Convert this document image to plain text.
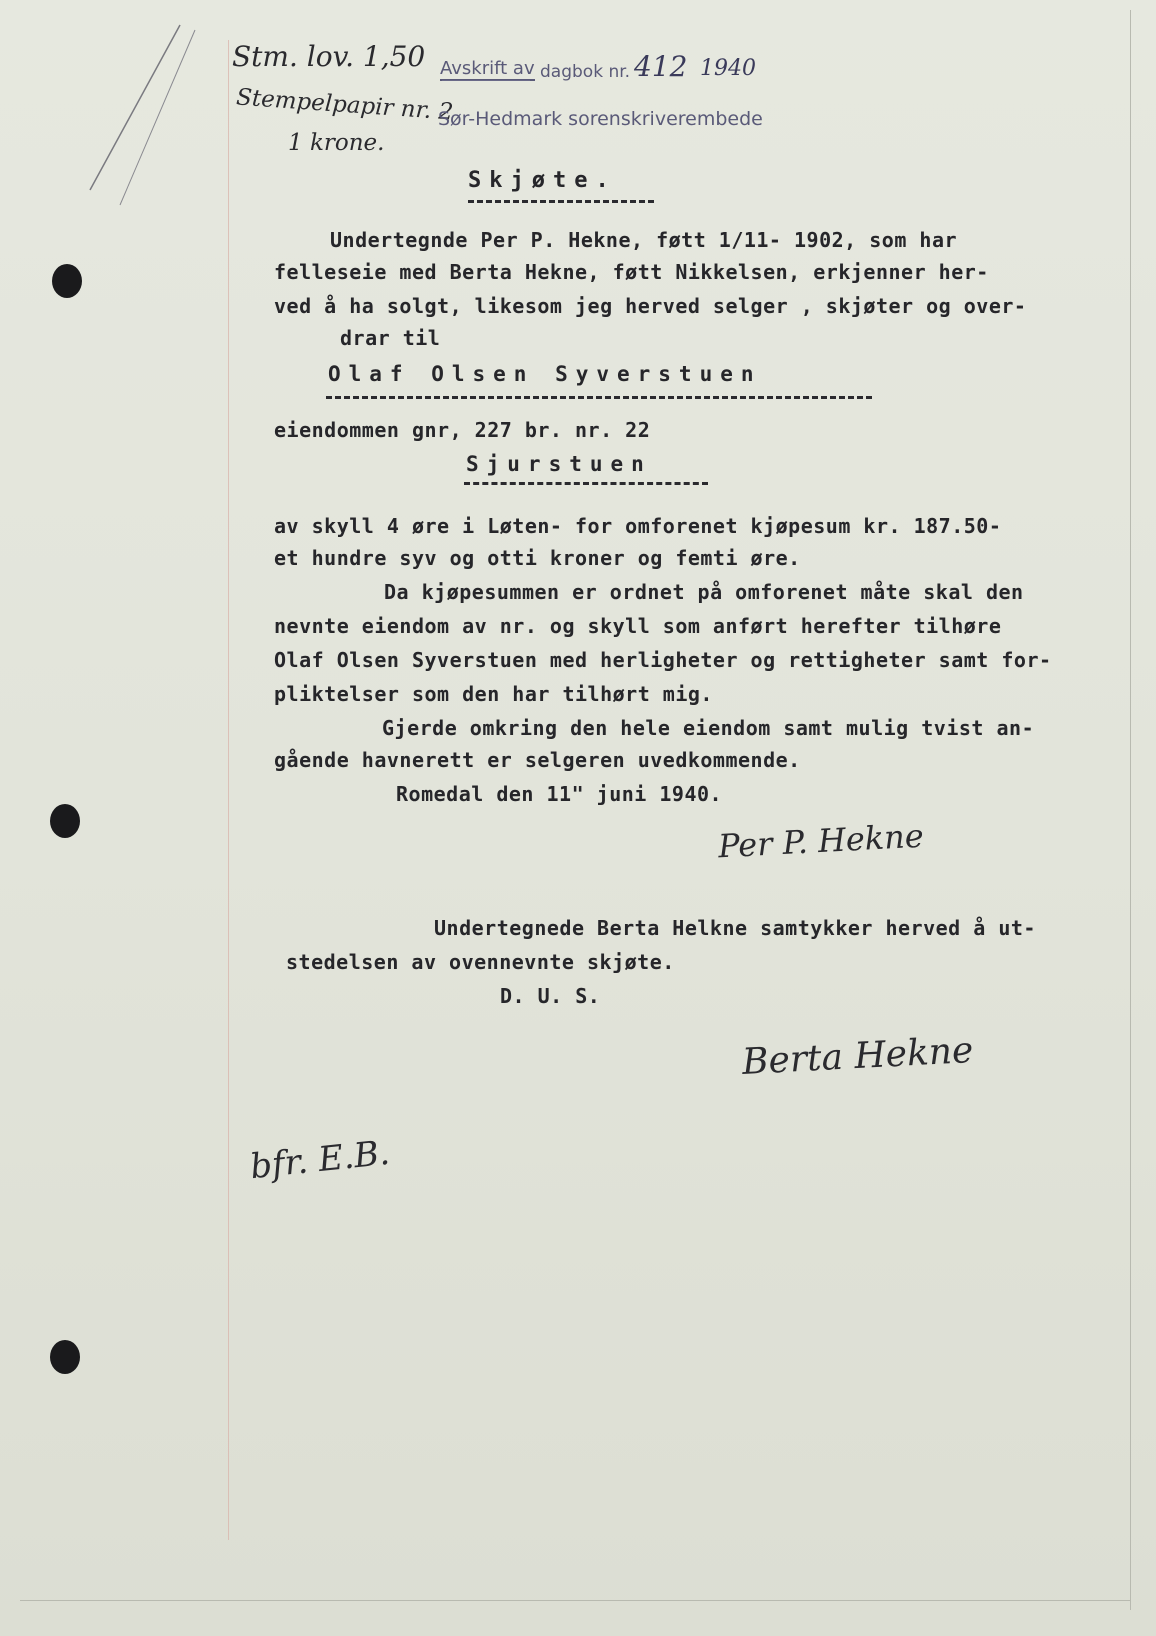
Stm. lov. 1,50
Stempelpapir nr. 2
1 krone.
Avskrift av dagbok nr. 412 1940
Sør-Hedmark sorenskriverembede
Skjøte.
Undertegnde Per P. Hekne, føtt 1/11- 1902, som har
felleseie med Berta Hekne, føtt Nikkelsen, erkjenner her-
ved å ha solgt, likesom jeg herved selger , skjøter og over-
drar til
Olaf Olsen Syverstuen
eiendommen gnr, 227 br. nr. 22
Sjurstuen
av skyll 4 øre i Løten- for omforenet kjøpesum kr. 187.50-
et hundre syv og otti kroner og femti øre.
Da kjøpesummen er ordnet på omforenet måte skal den
nevnte eiendom av nr. og skyll som anført herefter tilhøre
Olaf Olsen Syverstuen med herligheter og rettigheter samt for-
pliktelser som den har tilhørt mig.
Gjerde omkring den hele eiendom samt mulig tvist an-
gående havnerett er selgeren uvedkommende.
Romedal den 11" juni 1940.
Per P. Hekne
Undertegnede Berta Helkne samtykker herved å ut-
stedelsen av ovennevnte skjøte.
D. U. S.
Berta Hekne
bfr. E.B.
